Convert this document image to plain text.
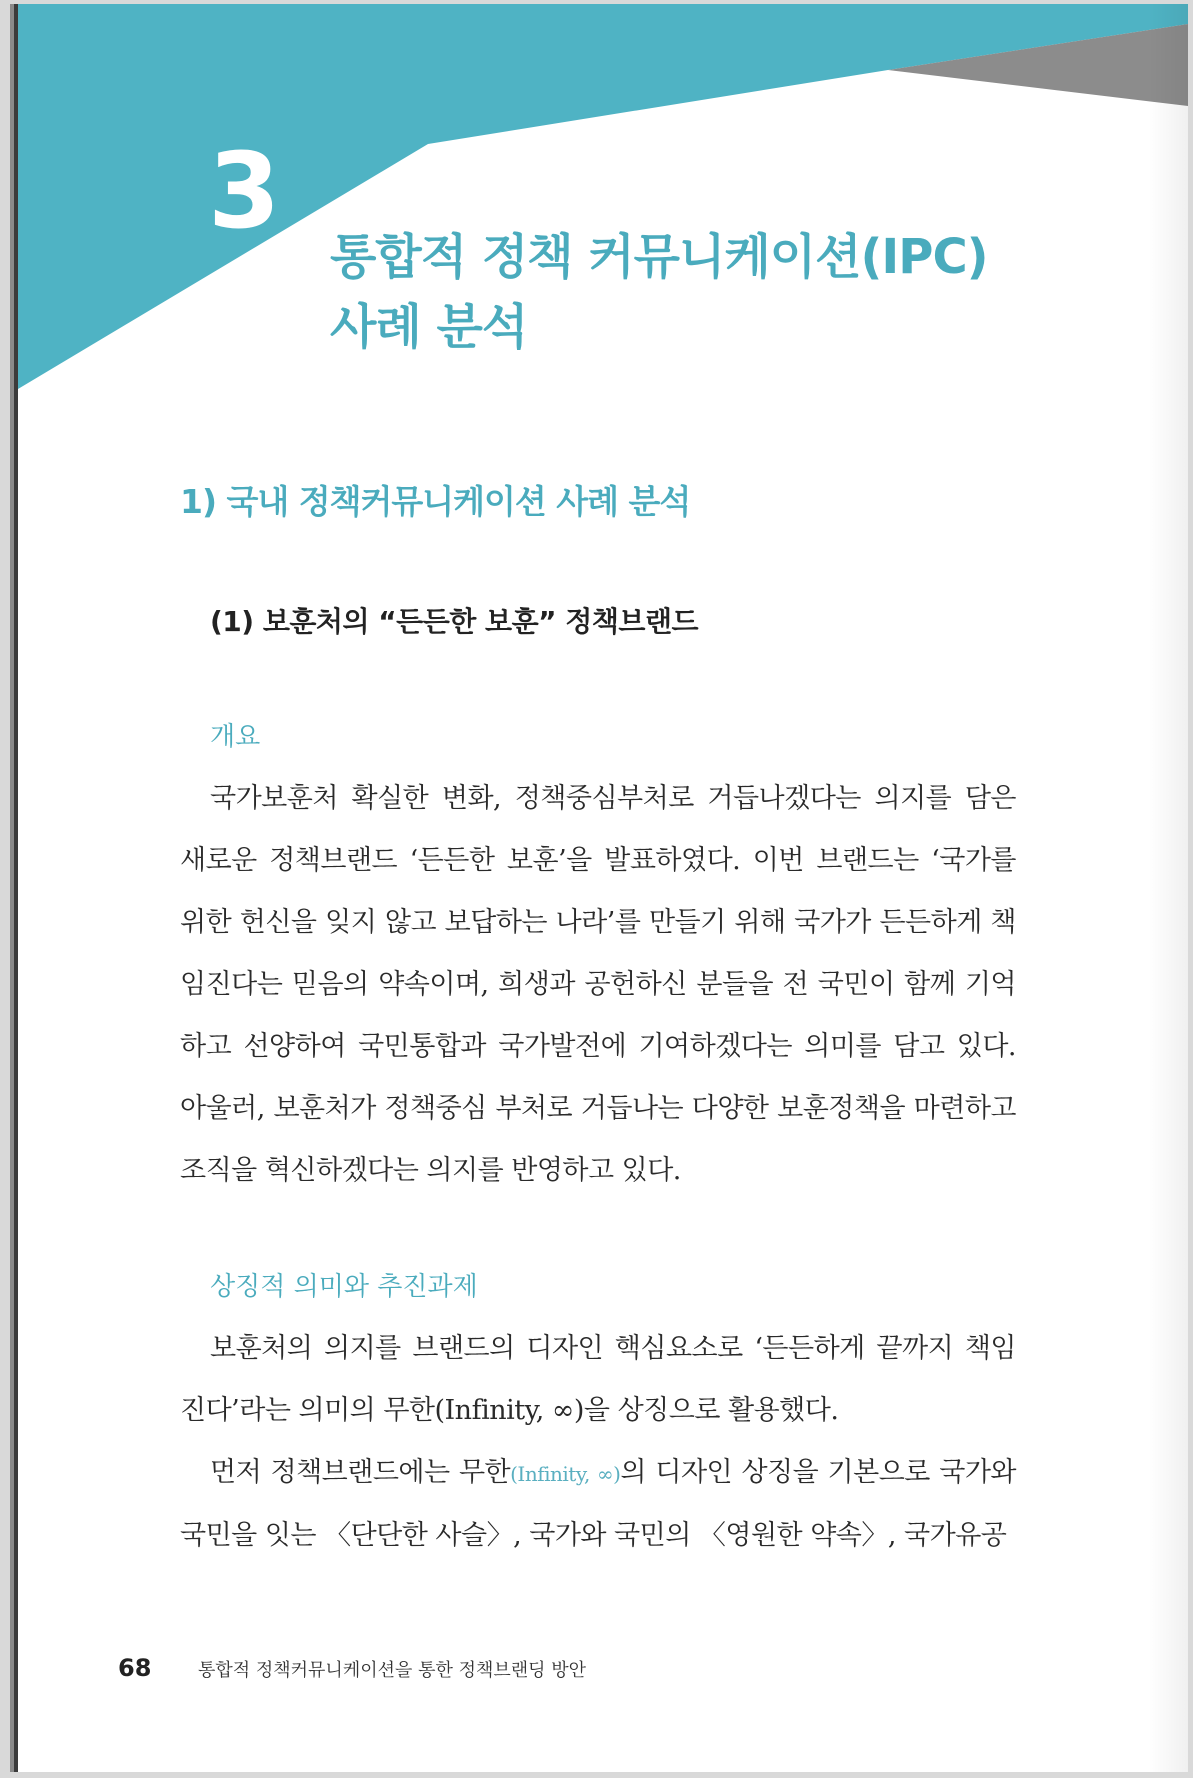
3
통합적 정책 커뮤니케이션(IPC)
사례 분석
1) 국내 정책커뮤니케이션 사례 분석
(1) 보훈처의 “든든한 보훈” 정책브랜드
개요

국가보훈처 확실한 변화, 정책중심부처로 거듭나겠다는 의지를 담은 새로운 정책브랜드 ‘든든한 보훈’을 발표하였다. 이번 브랜드는 ‘국가를 위한 헌신을 잊지 않고 보답하는 나라’를 만들기 위해 국가가 든든하게 책임진다는 믿음의 약속이며, 희생과 공헌하신 분들을 전 국민이 함께 기억하고 선양하여 국민통합과 국가발전에 기여하겠다는 의미를 담고 있다. 아울러, 보훈처가 정책중심 부처로 거듭나는 다양한 보훈정책을 마련하고 조직을 혁신하겠다는 의지를 반영하고 있다.

상징적 의미와 추진과제

보훈처의 의지를 브랜드의 디자인 핵심요소로 ‘든든하게 끝까지 책임진다’라는 의미의 무한(Infinity, ∞)을 상징으로 활용했다.

먼저 정책브랜드에는 무한(Infinity, ∞)의 디자인 상징을 기본으로 국가와 국민을 잇는 〈단단한 사슬〉, 국가와 국민의 〈영원한 약속〉, 국가유공

68	통합적 정책커뮤니케이션을 통한 정책브랜딩 방안
